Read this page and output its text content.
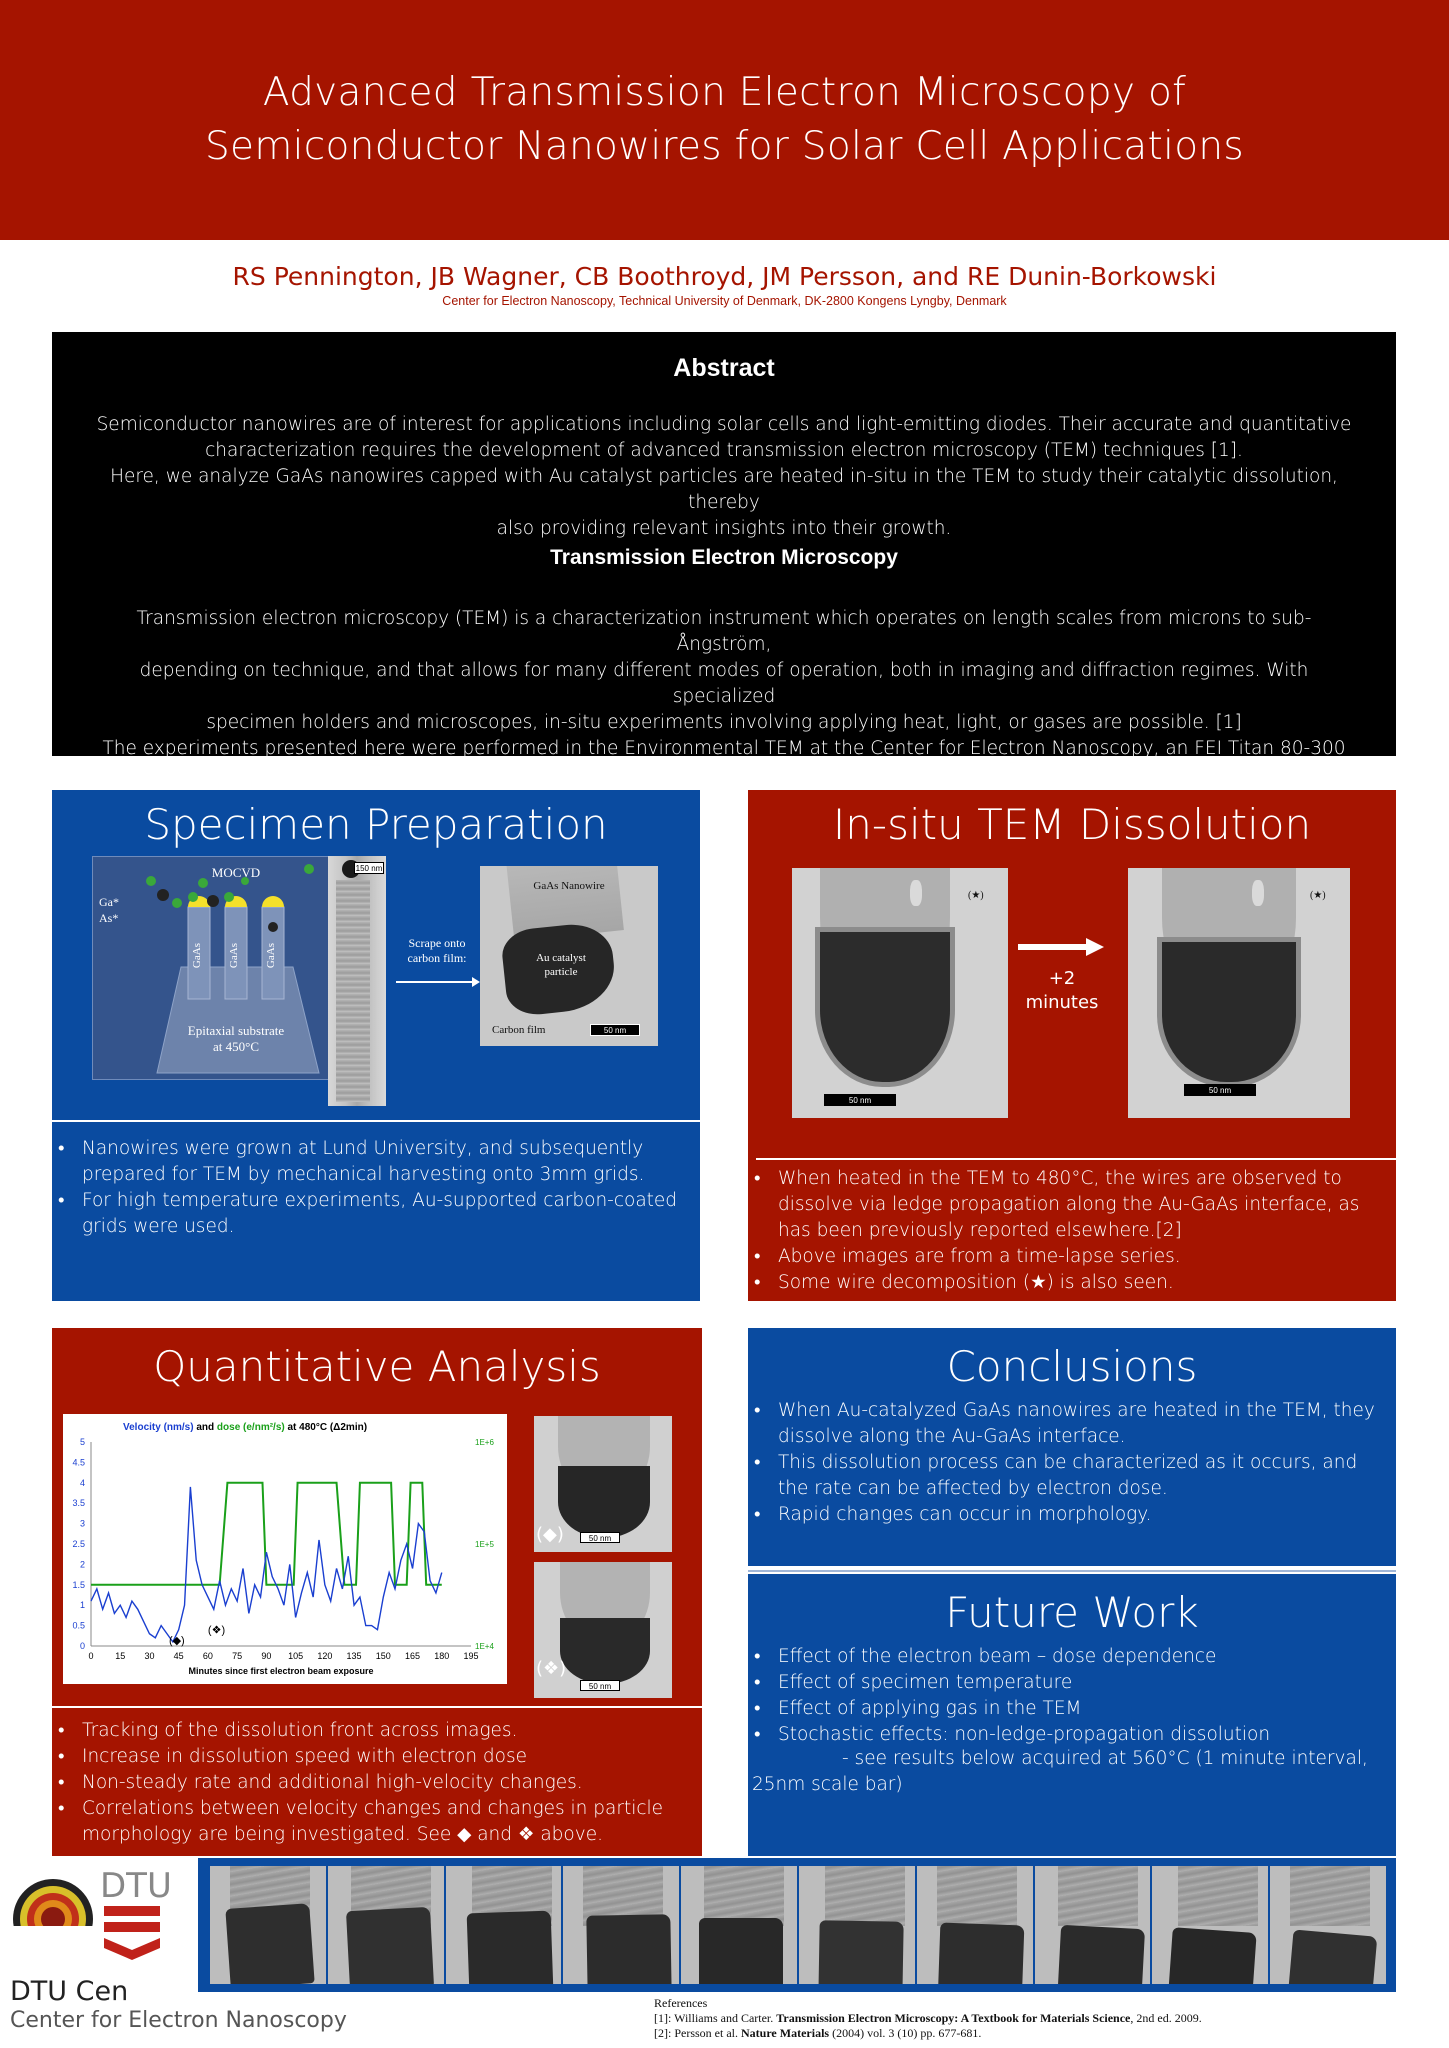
Advanced Transmission Electron Microscopy of
Semiconductor Nanowires for Solar Cell Applications
RS Pennington, JB Wagner, CB Boothroyd, JM Persson, and RE Dunin-Borkowski
Center for Electron Nanoscopy, Technical University of Denmark, DK-2800 Kongens Lyngby, Denmark
Abstract
Semiconductor nanowires are of interest for applications including solar cells and light-emitting diodes. Their accurate and quantitative
characterization requires the development of advanced transmission electron microscopy (TEM) techniques [1].
Here, we analyze GaAs nanowires capped with Au catalyst particles are heated in-situ in the TEM to study their catalytic dissolution, thereby
also providing relevant insights into their growth.
Transmission Electron Microscopy
Transmission electron microscopy (TEM) is a characterization instrument which operates on length scales from microns to sub-Ångström,
depending on technique, and that allows for many different modes of operation, both in imaging and diffraction regimes. With specialized
specimen holders and microscopes, in-situ experiments involving applying heat, light, or gases are possible. [1]
The experiments presented here were performed in the Environmental TEM at the Center for Electron Nanoscopy, an FEI Titan 80-300
operated at 300kV in conventional high-vacuum mode.
Specimen Preparation
MOCVD
Ga*
As*
GaAs	GaAs	GaAs
Epitaxial substrate
at 450°C
150 nm
Scrape onto
carbon film:
GaAs Nanowire
Au catalyst
particle
Carbon film	50 nm
• Nanowires were grown at Lund University, and subsequently
prepared for TEM by mechanical harvesting onto 3mm grids.
• For high temperature experiments, Au-supported carbon-coated
grids were used.
In-situ TEM Dissolution
(★)
50 nm
+2
minutes
(★)
50 nm
• When heated in the TEM to 480°C, the wires are observed to
dissolve via ledge propagation along the Au-GaAs interface, as
has been previously reported elsewhere.[2]
• Above images are from a time-lapse series.
• Some wire decomposition (★) is also seen.
Quantitative Analysis
50 nm
(◆)
50 nm
(❖)
• Tracking of the dissolution front across images.
• Increase in dissolution speed with electron dose
• Non-steady rate and additional high-velocity changes.
• Correlations between velocity changes and changes in particle
morphology are being investigated. See ◆ and ❖ above.
Velocity (nm/s) and dose (e/nm²/s) at 480°C (Δ2min)
Minutes since first electron beam exposure
0 15 30 45 60 75 90 105 120 135 150 165 180 195
0
0.5
1
1.5
2
2.5
3
3.5
4
4.5
5
1E+4
1E+5
1E+6
(◆)
(❖)
Conclusions
• When Au-catalyzed GaAs nanowires are heated in the TEM, they
dissolve along the Au-GaAs interface.
• This dissolution process can be characterized as it occurs, and
the rate can be affected by electron dose.
• Rapid changes can occur in morphology.
Future Work
• Effect of the electron beam – dose dependence
• Effect of specimen temperature
• Effect of applying gas in the TEM
• Stochastic effects: non-ledge-propagation dissolution
- see results below acquired at 560°C (1 minute interval,
25nm scale bar)
DTU
DTU Cen
Center for Electron Nanoscopy
References
[1]: Williams and Carter. Transmission Electron Microscopy: A Textbook for Materials Science, 2nd ed. 2009.
[2]: Persson et al. Nature Materials (2004) vol. 3 (10) pp. 677-681.
